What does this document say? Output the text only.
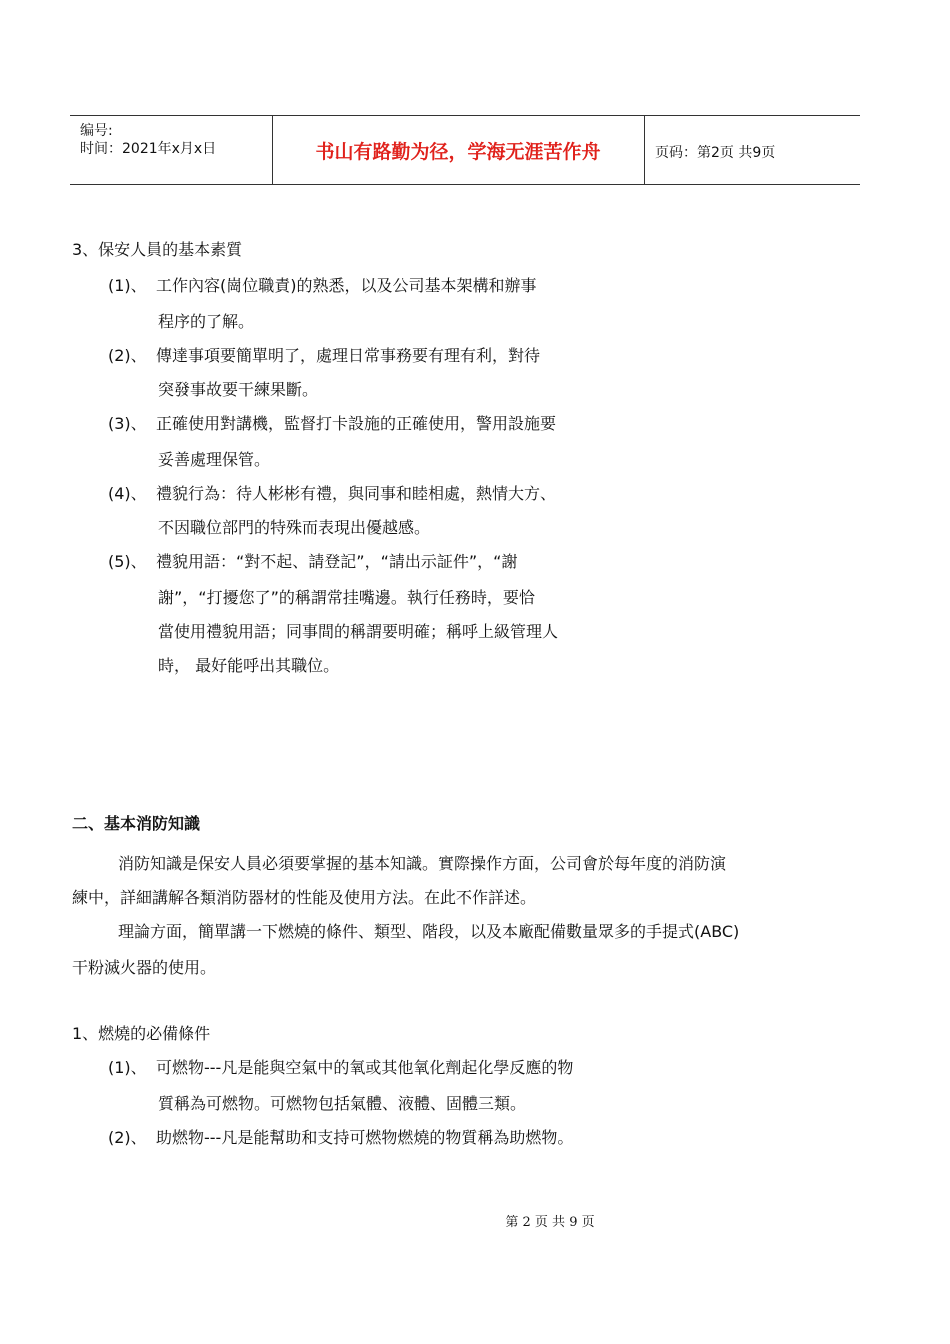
编号:
时间：2021年x月x日	书山有路勤为径，学海无涯苦作舟	页码：第2页 共9页
3、保安人員的基本素質
(1)、 工作內容(崗位職責)的熟悉，以及公司基本架構和辦事
程序的了解。
(2)、 傳達事項要簡單明了，處理日常事務要有理有利，對待
突發事故要干練果斷。
(3)、 正確使用對講機，監督打卡設施的正確使用，警用設施要
妥善處理保管。
(4)、 禮貌行為：待人彬彬有禮，與同事和睦相處，熱情大方、
不因職位部門的特殊而表現出優越感。
(5)、 禮貌用語：“對不起、請登記”，“請出示証件”，“謝
謝”，“打擾您了”的稱謂常挂嘴邊。執行任務時，要恰
當使用禮貌用語；同事間的稱謂要明確；稱呼上級管理人
時， 最好能呼出其職位。
二、基本消防知識
消防知識是保安人員必須要掌握的基本知識。實際操作方面，公司會於每年度的消防演
練中，詳細講解各類消防器材的性能及使用方法。在此不作詳述。
理論方面，簡單講一下燃燒的條件、類型、階段，以及本廠配備數量眾多的手提式(ABC)
干粉滅火器的使用。
1、燃燒的必備條件
(1)、 可燃物---凡是能與空氣中的氧或其他氧化劑起化學反應的物
質稱為可燃物。可燃物包括氣體、液體、固體三類。
(2)、 助燃物---凡是能幫助和支持可燃物燃燒的物質稱為助燃物。
第 2 页 共 9 页
